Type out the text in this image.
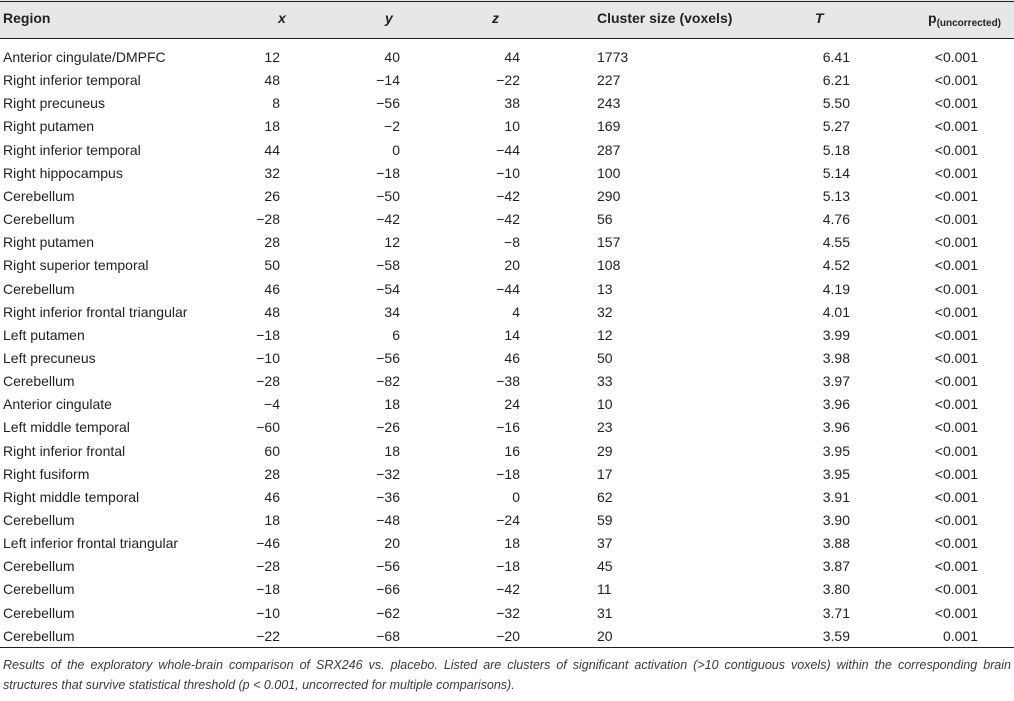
Region	x	y	z	Cluster size (voxels)	T	$p_{(uncorrected)}$
Anterior cingulate/DMPFC	12	40	44	1773	6.41	<0.001
Right inferior temporal	48	−14	−22	227	6.21	<0.001
Right precuneus	8	−56	38	243	5.50	<0.001
Right putamen	18	−2	10	169	5.27	<0.001
Right inferior temporal	44	0	−44	287	5.18	<0.001
Right hippocampus	32	−18	−10	100	5.14	<0.001
Cerebellum	26	−50	−42	290	5.13	<0.001
Cerebellum	−28	−42	−42	56	4.76	<0.001
Right putamen	28	12	−8	157	4.55	<0.001
Right superior temporal	50	−58	20	108	4.52	<0.001
Cerebellum	46	−54	−44	13	4.19	<0.001
Right inferior frontal triangular	48	34	4	32	4.01	<0.001
Left putamen	−18	6	14	12	3.99	<0.001
Left precuneus	−10	−56	46	50	3.98	<0.001
Cerebellum	−28	−82	−38	33	3.97	<0.001
Anterior cingulate	−4	18	24	10	3.96	<0.001
Left middle temporal	−60	−26	−16	23	3.96	<0.001
Right inferior frontal	60	18	16	29	3.95	<0.001
Right fusiform	28	−32	−18	17	3.95	<0.001
Right middle temporal	46	−36	0	62	3.91	<0.001
Cerebellum	18	−48	−24	59	3.90	<0.001
Left inferior frontal triangular	−46	20	18	37	3.88	<0.001
Cerebellum	−28	−56	−18	45	3.87	<0.001
Cerebellum	−18	−66	−42	11	3.80	<0.001
Cerebellum	−10	−62	−32	31	3.71	<0.001
Cerebellum	−22	−68	−20	20	3.59	0.001
Results of the exploratory whole-brain comparison of SRX246 vs. placebo. Listed are clusters of significant activation (>10 contiguous voxels) within the corresponding brain structures that survive statistical threshold (p < 0.001, uncorrected for multiple comparisons).
